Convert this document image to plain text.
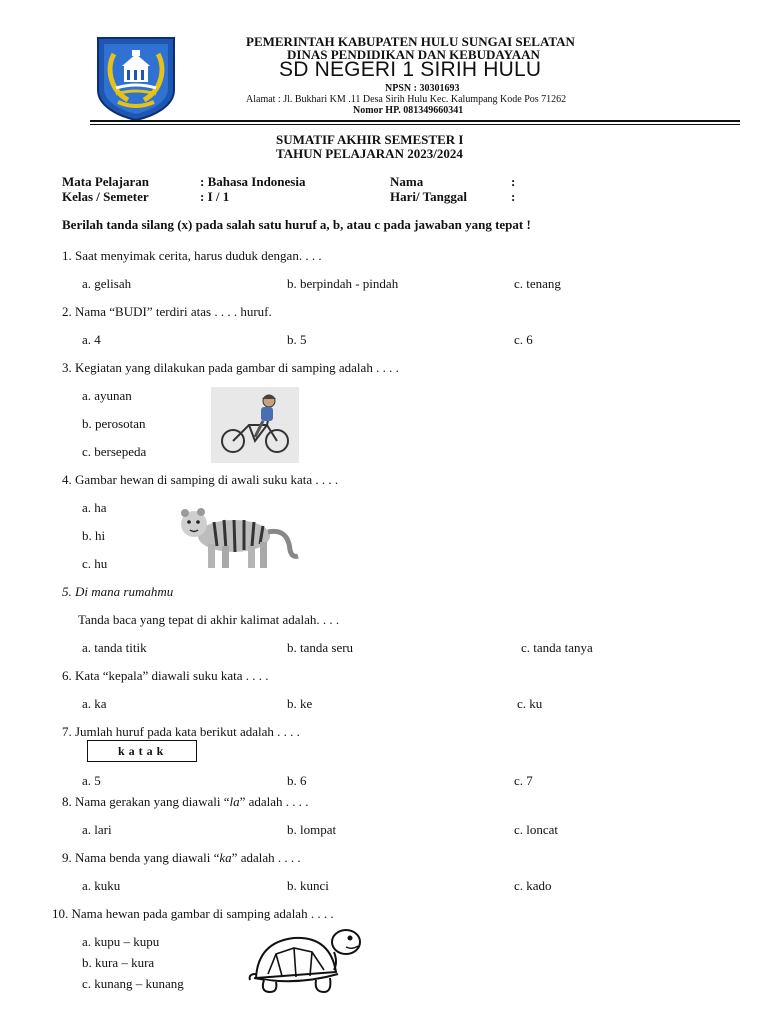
PEMERINTAH KABUPATEN HULU SUNGAI SELATAN
DINAS PENDIDIKAN DAN KEBUDAYAAN
SD NEGERI 1 SIRIH HULU
NPSN : 30301693
Alamat : Jl. Bukhari KM .11 Desa Sirih Hulu Kec. Kalumpang Kode Pos 71262
Nomor HP. 081349660341
SUMATIF AKHIR SEMESTER I
TAHUN PELAJARAN 2023/2024
Mata Pelajaran	: Bahasa Indonesia	Nama	:
Kelas / Semeter	: I / 1	Hari/ Tanggal	:
Berilah tanda silang (x) pada salah satu huruf a, b, atau c pada jawaban yang tepat !
1. Saat menyimak cerita, harus duduk dengan. . . .
a. gelisah	b. berpindah - pindah	c. tenang
2. Nama “BUDI” terdiri atas . . . . huruf.
a. 4	b. 5	c. 6
3. Kegiatan yang dilakukan pada gambar di samping adalah . . . .
a. ayunan
b. perosotan
c. bersepeda
4. Gambar hewan di samping di awali suku kata . . . .
a. ha
b. hi
c. hu
5. Di mana rumahmu
Tanda baca yang tepat di akhir kalimat adalah. . . .
a. tanda titik	b. tanda seru	c. tanda tanya
6. Kata “kepala” diawali suku kata . . . .
a. ka	b. ke	c. ku
7. Jumlah huruf pada kata berikut adalah . . . .
k a t a k
a. 5	b. 6	c. 7
8. Nama gerakan yang diawali “la” adalah . . . .
a. lari	b. lompat	c. loncat
9. Nama benda yang diawali “ka” adalah . . . .
a. kuku	b. kunci	c. kado
10. Nama hewan pada gambar di samping adalah . . . .
a. kupu – kupu
b. kura – kura
c. kunang – kunang
